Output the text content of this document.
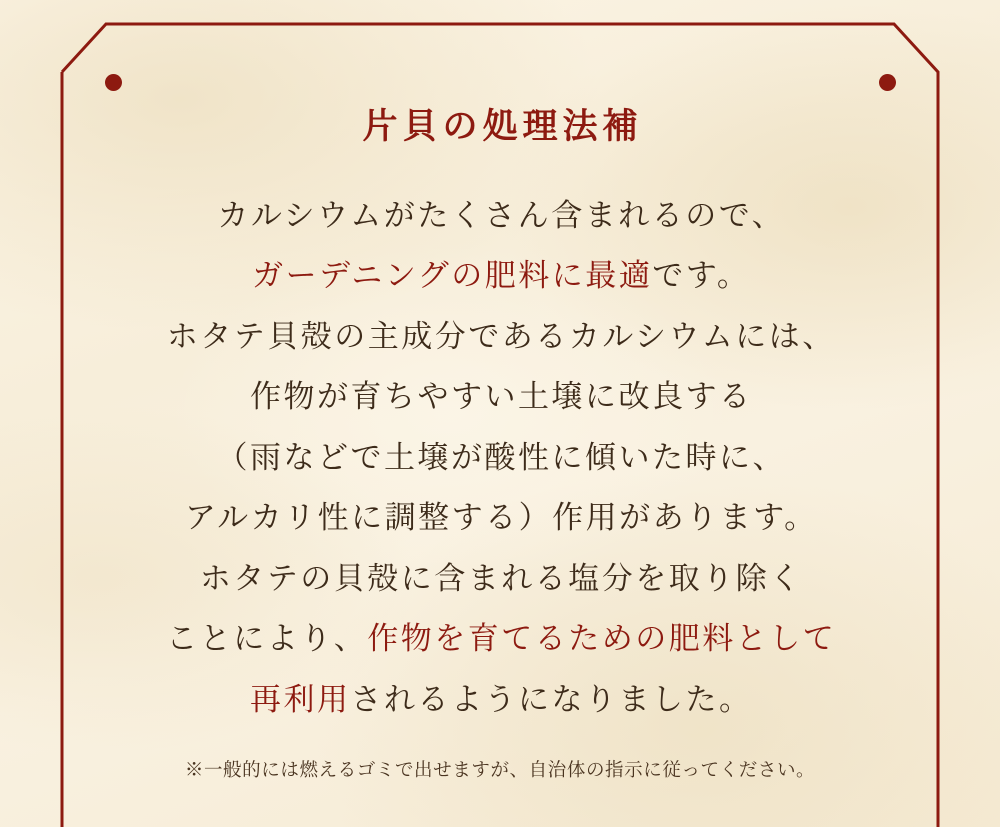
片貝の処理法補
カルシウムがたくさん含まれるので、
ガーデニングの肥料に最適です。
ホタテ貝殻の主成分であるカルシウムには、
作物が育ちやすい土壌に改良する
（雨などで土壌が酸性に傾いた時に、
アルカリ性に調整する）作用があります。
ホタテの貝殻に含まれる塩分を取り除く
ことにより、作物を育てるための肥料として
再利用されるようになりました。
※一般的には燃えるゴミで出せますが、自治体の指示に従ってください。
